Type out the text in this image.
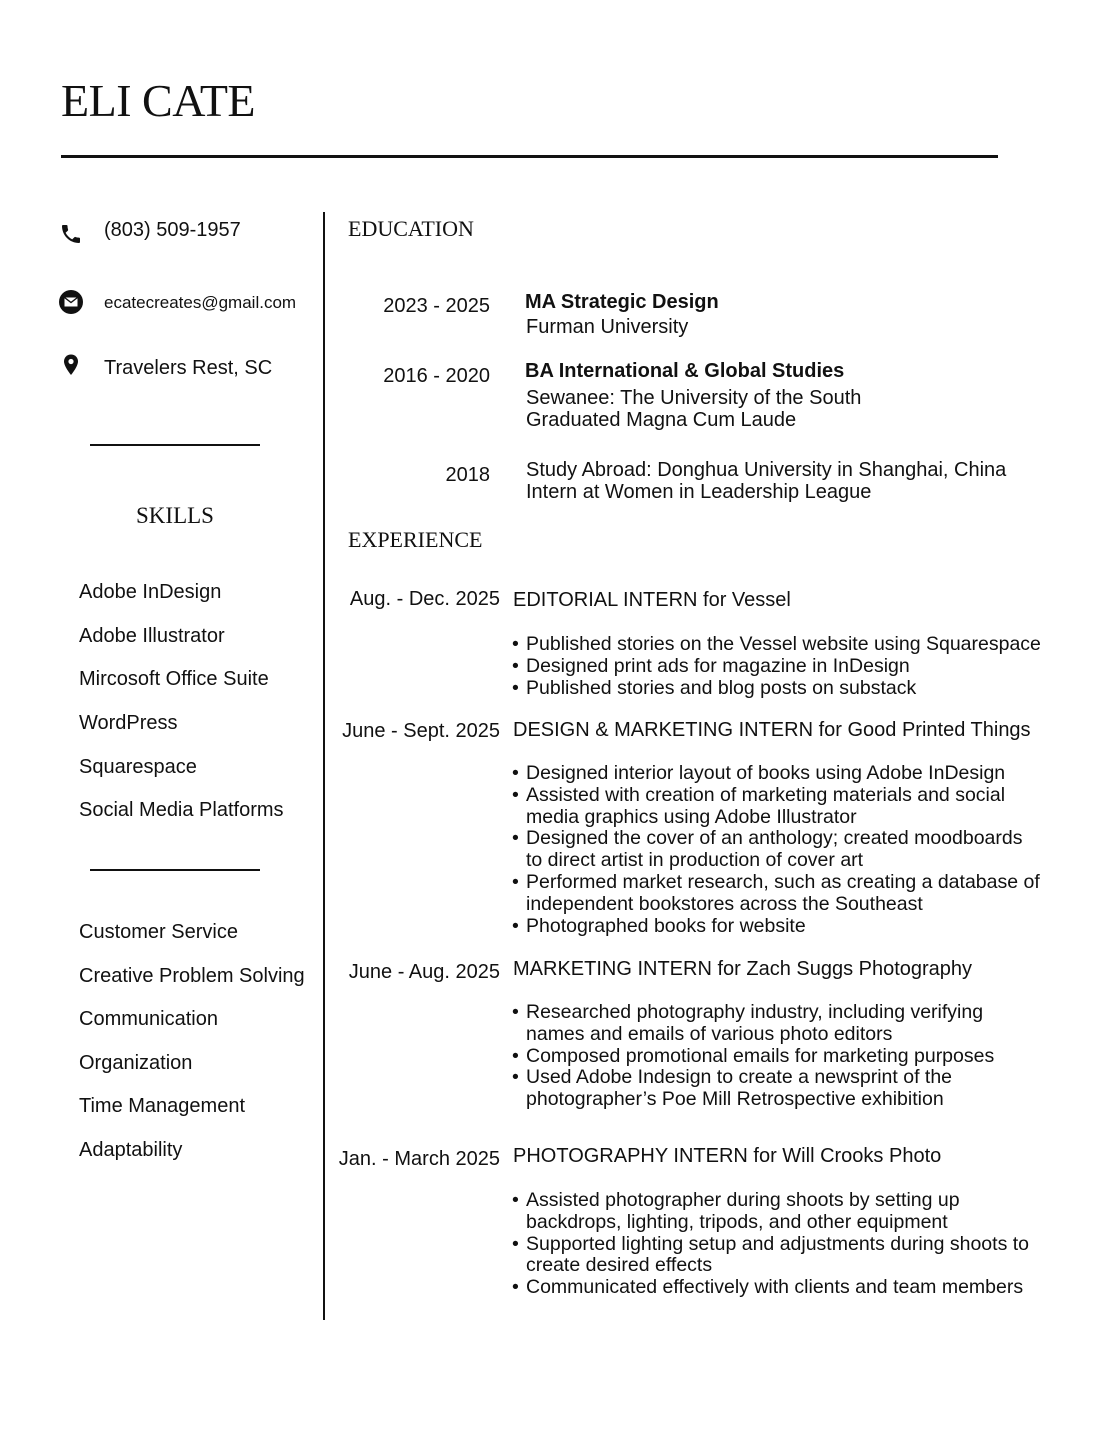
ELI CATE
(803) 509-1957
ecatecreates@gmail.com
Travelers Rest, SC
SKILLS
Adobe InDesign
Adobe Illustrator
Mircosoft Office Suite
WordPress
Squarespace
Social Media Platforms
Customer Service
Creative Problem Solving
Communication
Organization
Time Management
Adaptability
EDUCATION
2023 - 2025 MA Strategic Design
Furman University
2016 - 2020 BA International & Global Studies
Sewanee: The University of the South
Graduated Magna Cum Laude
2018 Study Abroad: Donghua University in Shanghai, China
Intern at Women in Leadership League
EXPERIENCE
Aug. - Dec. 2025 EDITORIAL INTERN for Vessel
• Published stories on the Vessel website using Squarespace
• Designed print ads for magazine in InDesign
• Published stories and blog posts on substack
June - Sept. 2025 DESIGN & MARKETING INTERN for Good Printed Things
• Designed interior layout of books using Adobe InDesign
• Assisted with creation of marketing materials and social
media graphics using Adobe Illustrator
• Designed the cover of an anthology; created moodboards
to direct artist in production of cover art
• Performed market research, such as creating a database of
independent bookstores across the Southeast
• Photographed books for website
June - Aug. 2025 MARKETING INTERN for Zach Suggs Photography
• Researched photography industry, including verifying
names and emails of various photo editors
• Composed promotional emails for marketing purposes
• Used Adobe Indesign to create a newsprint of the
photographer’s Poe Mill Retrospective exhibition
Jan. - March 2025 PHOTOGRAPHY INTERN for Will Crooks Photo
• Assisted photographer during shoots by setting up
backdrops, lighting, tripods, and other equipment
• Supported lighting setup and adjustments during shoots to
create desired effects
• Communicated effectively with clients and team members
